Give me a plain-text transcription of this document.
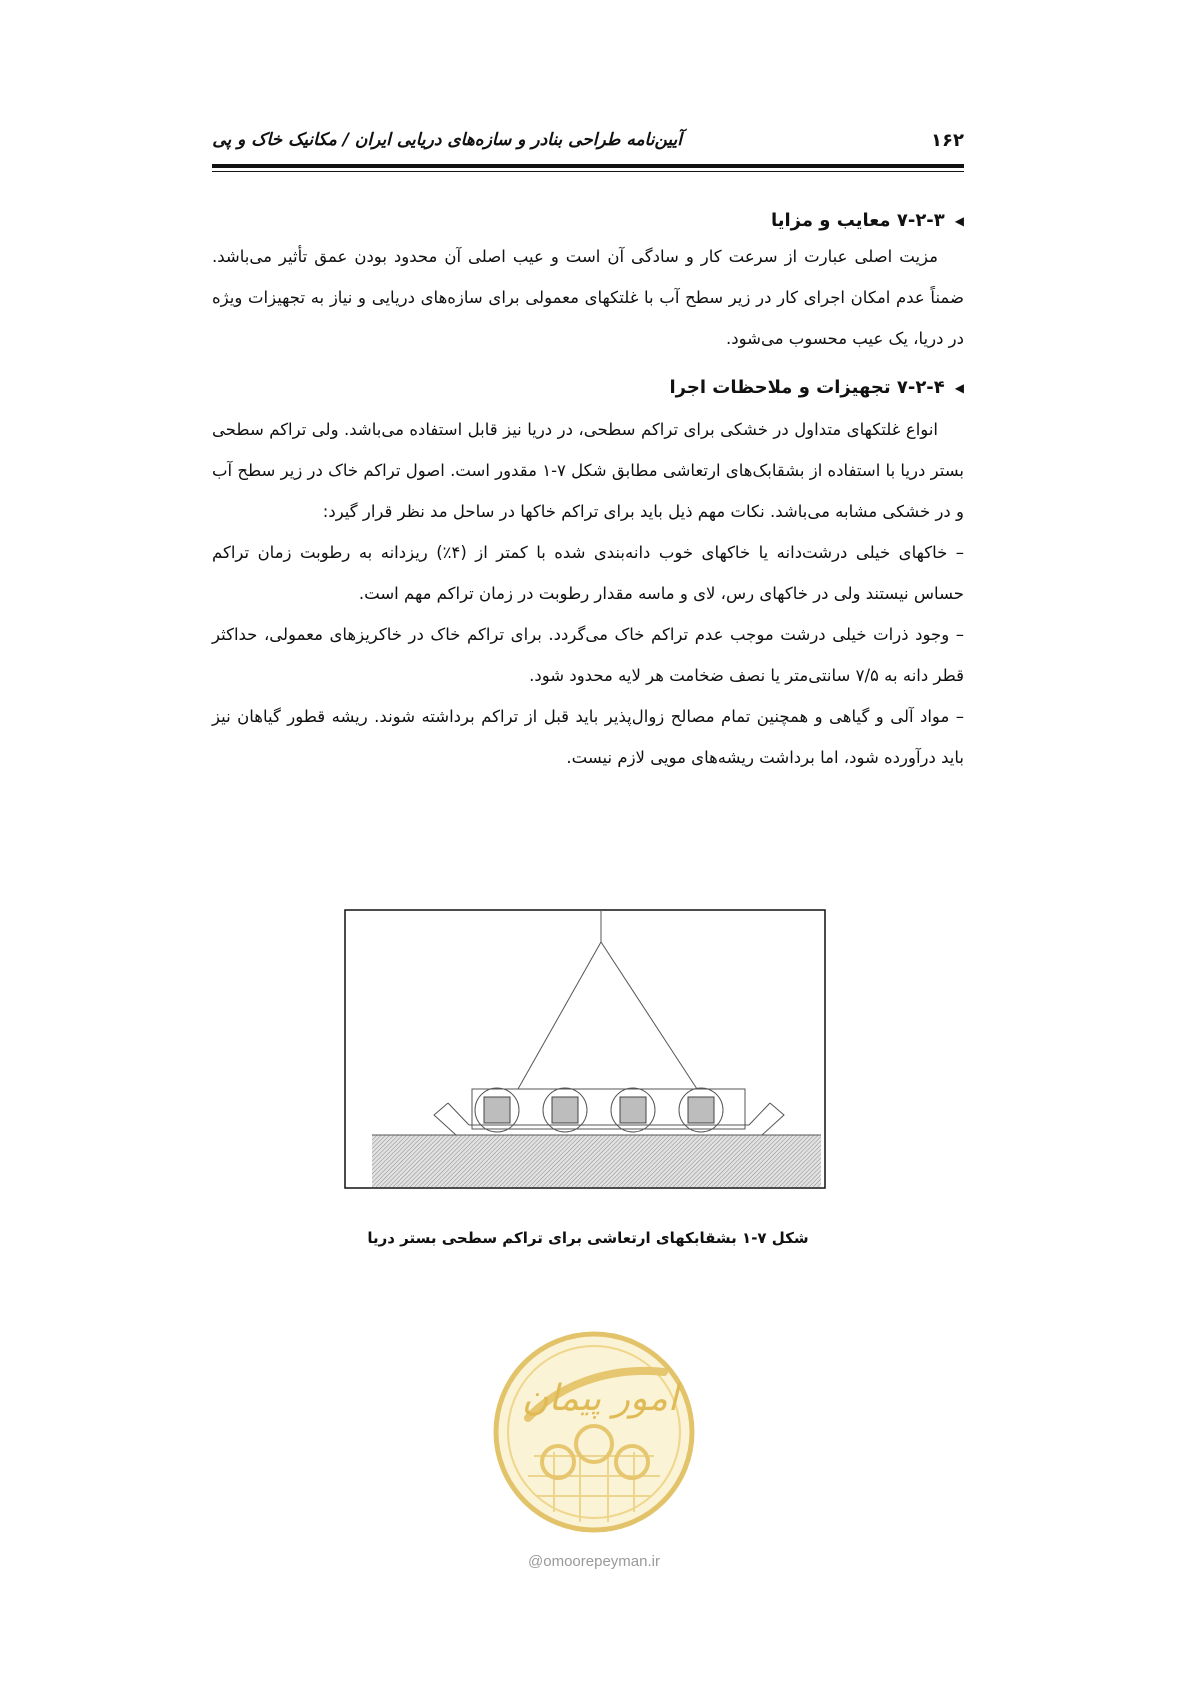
آیین‌نامه طراحی بنادر و سازه‌های دریایی ایران / مکانیک خاک و پی	۱۶۲
◀
۷-۲-۳ معایب و مزایا

مزیت اصلی عبارت از سرعت کار و سادگی آن است و عیب اصلی آن محدود بودن عمق تأثیر می‌باشد. ضمناً عدم امکان اجرای کار در زیر سطح آب با غلتکهای معمولی برای سازه‌های دریایی و نیاز به تجهیزات ویژه در دریا، یک عیب محسوب می‌شود.

◀
۷-۲-۴ تجهیزات و ملاحظات اجرا

انواع غلتکهای متداول در خشکی برای تراکم سطحی، در دریا نیز قابل استفاده می‌باشد. ولی تراکم سطحی بستر دریا با استفاده از بشقابک‌های ارتعاشی مطابق شکل ۷-۱ مقدور است. اصول تراکم خاک در زیر سطح آب و در خشکی مشابه می‌باشد. نکات مهم ذیل باید برای تراکم خاکها در ساحل مد نظر قرار گیرد:

– خاکهای خیلی درشت‌دانه یا خاکهای خوب دانه‌بندی شده با کمتر از (۴٪) ریزدانه به رطوبت زمان تراکم حساس نیستند ولی در خاکهای رس، لای و ماسه مقدار رطوبت در زمان تراکم مهم است.

– وجود ذرات خیلی درشت موجب عدم تراکم خاک می‌گردد. برای تراکم خاک در خاکریزهای معمولی، حداکثر قطر دانه به ۷/۵ سانتی‌متر یا نصف ضخامت هر لایه محدود شود.

– مواد آلی و گیاهی و همچنین تمام مصالح زوال‌پذیر باید قبل از تراکم برداشته شوند. ریشه قطور گیاهان نیز باید درآورده شود، اما برداشت ریشه‌های مویی لازم نیست.

شکل ۷-۱ بشقابکهای ارتعاشی برای تراکم سطحی بستر دریا
امور پیمان
@omoorepeyman.ir
